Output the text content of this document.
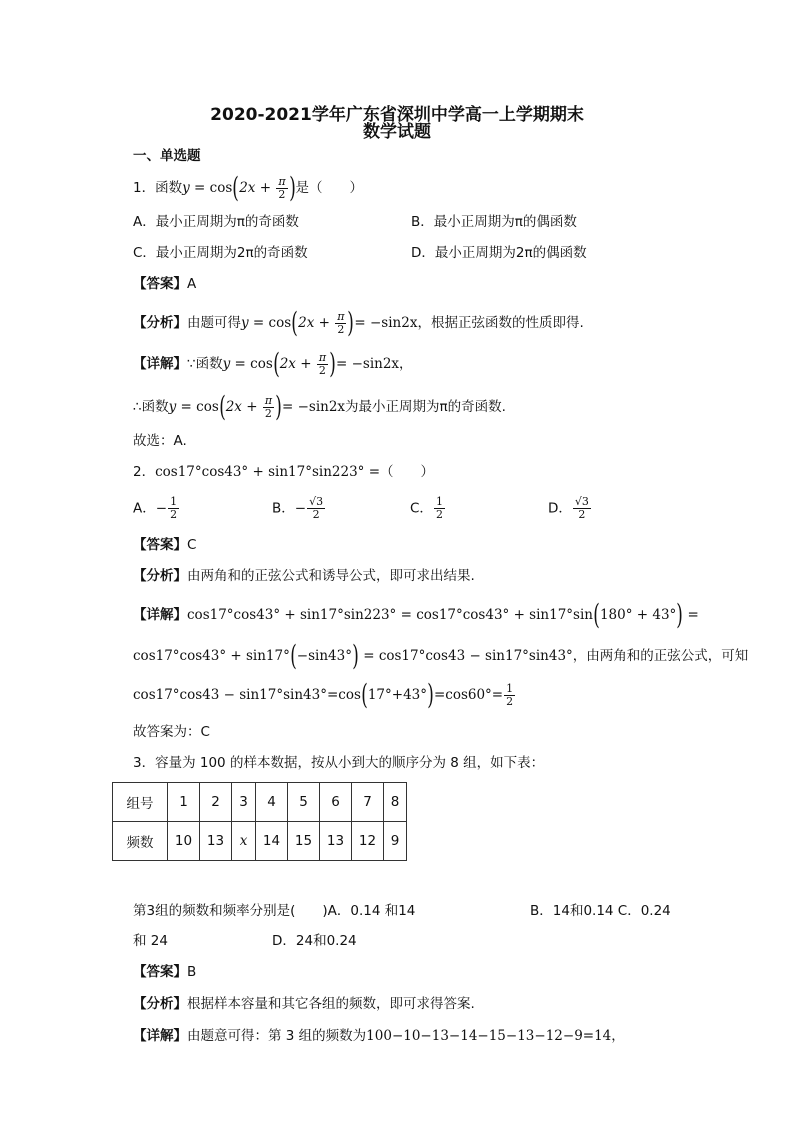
2020-2021学年广东省深圳中学高一上学期期末
数学试题
一、单选题
1．函数$y = \cos(2x + \frac{\pi}{2}$ )是（　　）
A．最小正周期为π的奇函数	B．最小正周期为π的偶函数
C．最小正周期为2π的奇函数	D．最小正周期为2π的偶函数
【答案】A
【分析】由题可得$y = \cos(2x + \frac{\pi}{2}$ )= −sin2x，根据正弦函数的性质即得.
【详解】∵函数$y = \cos(2x + \frac{\pi}{2}$ )= −sin2x，
∴函数$y = \cos(2x + \frac{\pi}{2}$ )= −sin2x为最小正周期为π的奇函数.
故选：A.
2．cos17°cos43° + sin17°sin223° =（　　）
A．− $\frac{1}{2}$	B．− $\frac{√3}{2}$	C． $\frac{1}{2}$	D． $\frac{√3}{2}$
【答案】C
【分析】由两角和的正弦公式和诱导公式，即可求出结果.
【详解】cos17°cos43° + sin17°sin223° = cos17°cos43° + sin17°sin(180° + 43°) =
cos17°cos43° + sin17°(−sin43°) = cos17°cos43 − sin17°sin43°，由两角和的正弦公式，可知
$\cos 17^\circ\cos 43 - \sin 17^\circ\sin 43^\circ=\cos(17^\circ+43^\circ)=\cos 60^\circ= \frac{1}{2}$
故答案为：C
3．容量为 100 的样本数据，按从小到大的顺序分为 8 组，如下表：
组号	1	2	3	4	5	6	7	8
频数	10	13	x	14	15	13	12	9
第3组的频数和频率分别是(　　)A．0.14 和14	B．14和0.14 C．0.24
和 24	D．24和0.24
【答案】B
【分析】根据样本容量和其它各组的频数，即可求得答案.
【详解】由题意可得：第 3 组的频数为100−10−13−14−15−13−12−9=14，
